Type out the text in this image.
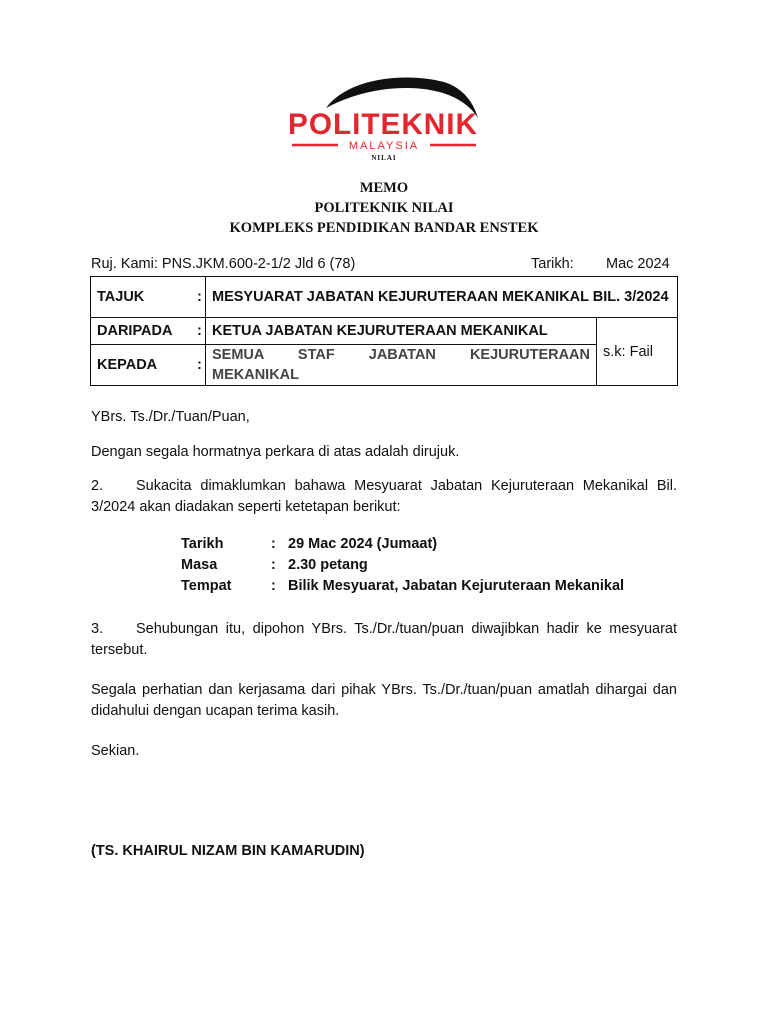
POLITEKNIK
MALAYSIA
NILAI
MEMO
POLITEKNIK NILAI
KOMPLEKS PENDIDIKAN BANDAR ENSTEK
Ruj. Kami: PNS.JKM.600-2-1/2 Jld 6 (78)	Tarikh: Mac 2024
TAJUK :	MESYUARAT JABATAN KEJURUTERAAN MEKANIKAL BIL. 3/2024	
DARIPADA :	KETUA JABATAN KEJURUTERAAN MEKANIKAL	s.k: Fail
KEPADA :	SEMUA STAF JABATAN KEJURUTERAAN
MEKANIKAL	
YBrs. Ts./Dr./Tuan/Puan,
Dengan segala hormatnya perkara di atas adalah dirujuk.
2. Sukacita dimaklumkan bahawa Mesyuarat Jabatan Kejuruteraan Mekanikal Bil. 3/2024 akan diadakan seperti ketetapan berikut:
Tarikh	: 29 Mac 2024 (Jumaat)
Masa	: 2.30 petang
Tempat	: Bilik Mesyuarat, Jabatan Kejuruteraan Mekanikal
3. Sehubungan itu, dipohon YBrs. Ts./Dr./tuan/puan diwajibkan hadir ke mesyuarat tersebut.
Segala perhatian dan kerjasama dari pihak YBrs. Ts./Dr./tuan/puan amatlah dihargai dan didahului dengan ucapan terima kasih.
Sekian.
(TS. KHAIRUL NIZAM BIN KAMARUDIN)
